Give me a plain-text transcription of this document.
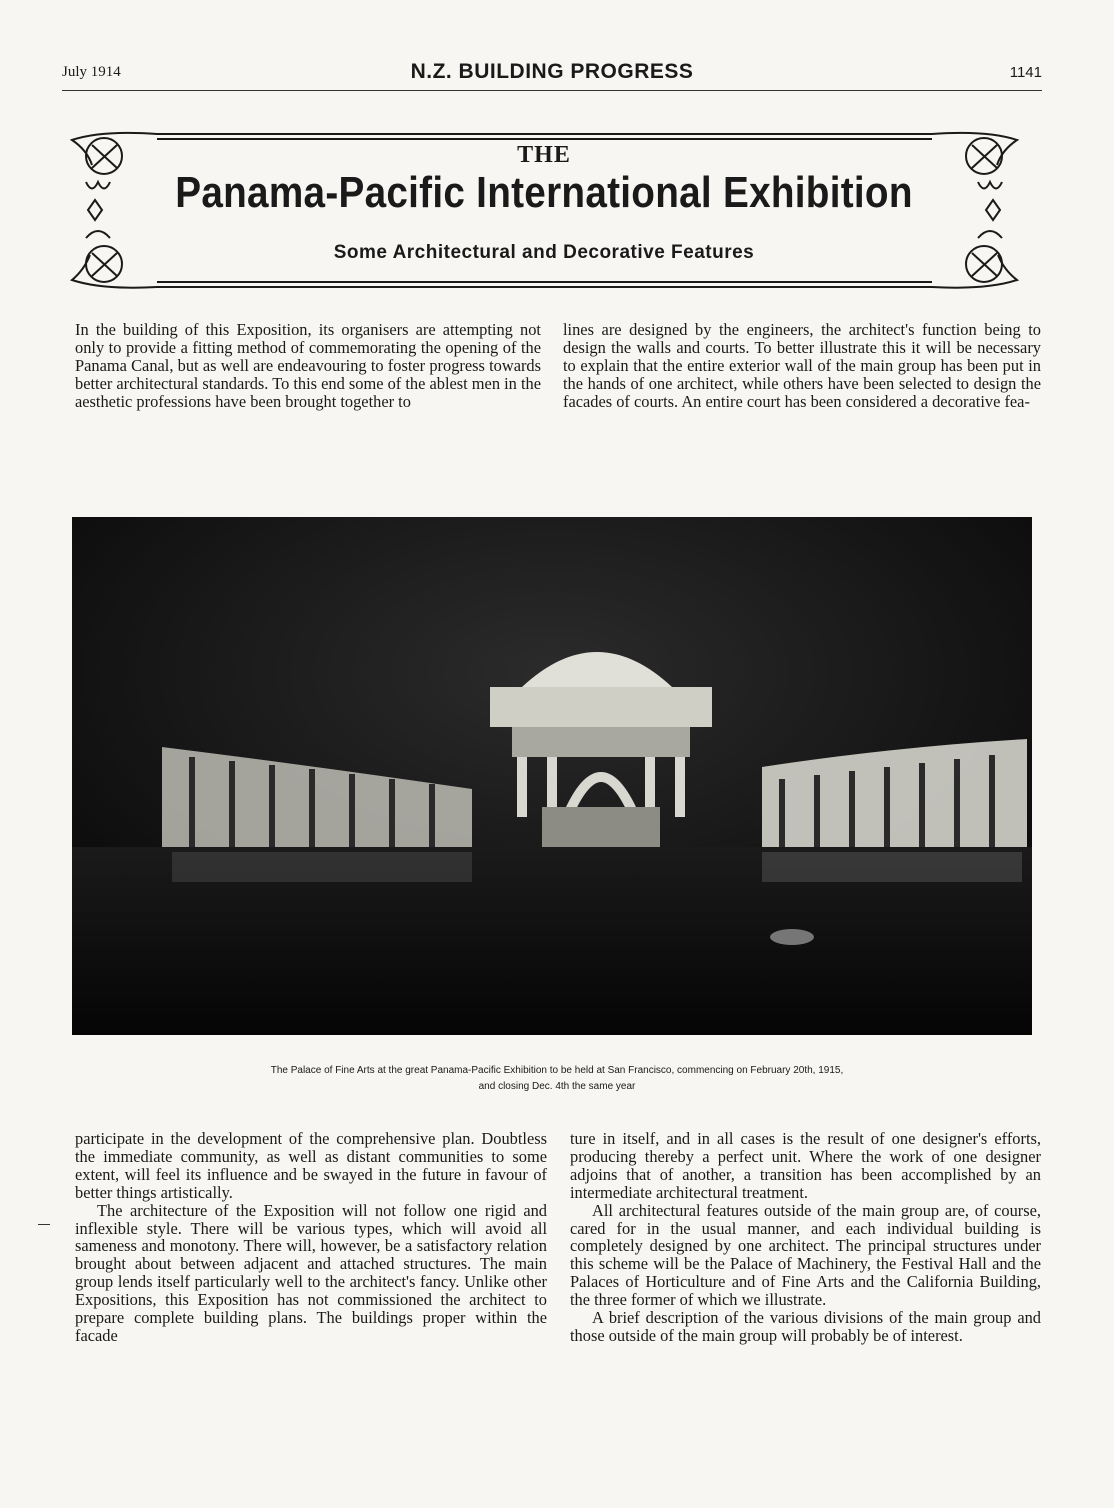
July 1914	N.Z. BUILDING PROGRESS	1141
THE
Panama-Pacific International Exhibition
Some Architectural and Decorative Features

In the building of this Exposition, its organisers are attempting not only to provide a fitting method of commemorating the opening of the Panama Canal, but as well are endeavouring to foster progress towards better architectural standards. To this end some of the ablest men in the aesthetic professions have been brought together to

lines are designed by the engineers, the architect's function being to design the walls and courts. To better illustrate this it will be necessary to explain that the entire exterior wall of the main group has been put in the hands of one architect, while others have been selected to design the facades of courts. An entire court has been considered a decorative fea-

The Palace of Fine Arts at the great Panama-Pacific Exhibition to be held at San Francisco, commencing on February 20th, 1915,
and closing Dec. 4th the same year

participate in the development of the comprehensive plan. Doubtless the immediate community, as well as distant communities to some extent, will feel its influence and be swayed in the future in favour of better things artistically.

The architecture of the Exposition will not follow one rigid and inflexible style. There will be various types, which will avoid all sameness and monotony. There will, however, be a satisfactory relation brought about between adjacent and attached structures. The main group lends itself particularly well to the architect's fancy. Unlike other Expositions, this Exposition has not commissioned the architect to prepare complete building plans. The buildings proper within the facade

ture in itself, and in all cases is the result of one designer's efforts, producing thereby a perfect unit. Where the work of one designer adjoins that of another, a transition has been accomplished by an intermediate architectural treatment.

All architectural features outside of the main group are, of course, cared for in the usual manner, and each individual building is completely designed by one architect. The principal structures under this scheme will be the Palace of Machinery, the Festival Hall and the Palaces of Horticulture and of Fine Arts and the California Building, the three former of which we illustrate.

A brief description of the various divisions of the main group and those outside of the main group will probably be of interest.
